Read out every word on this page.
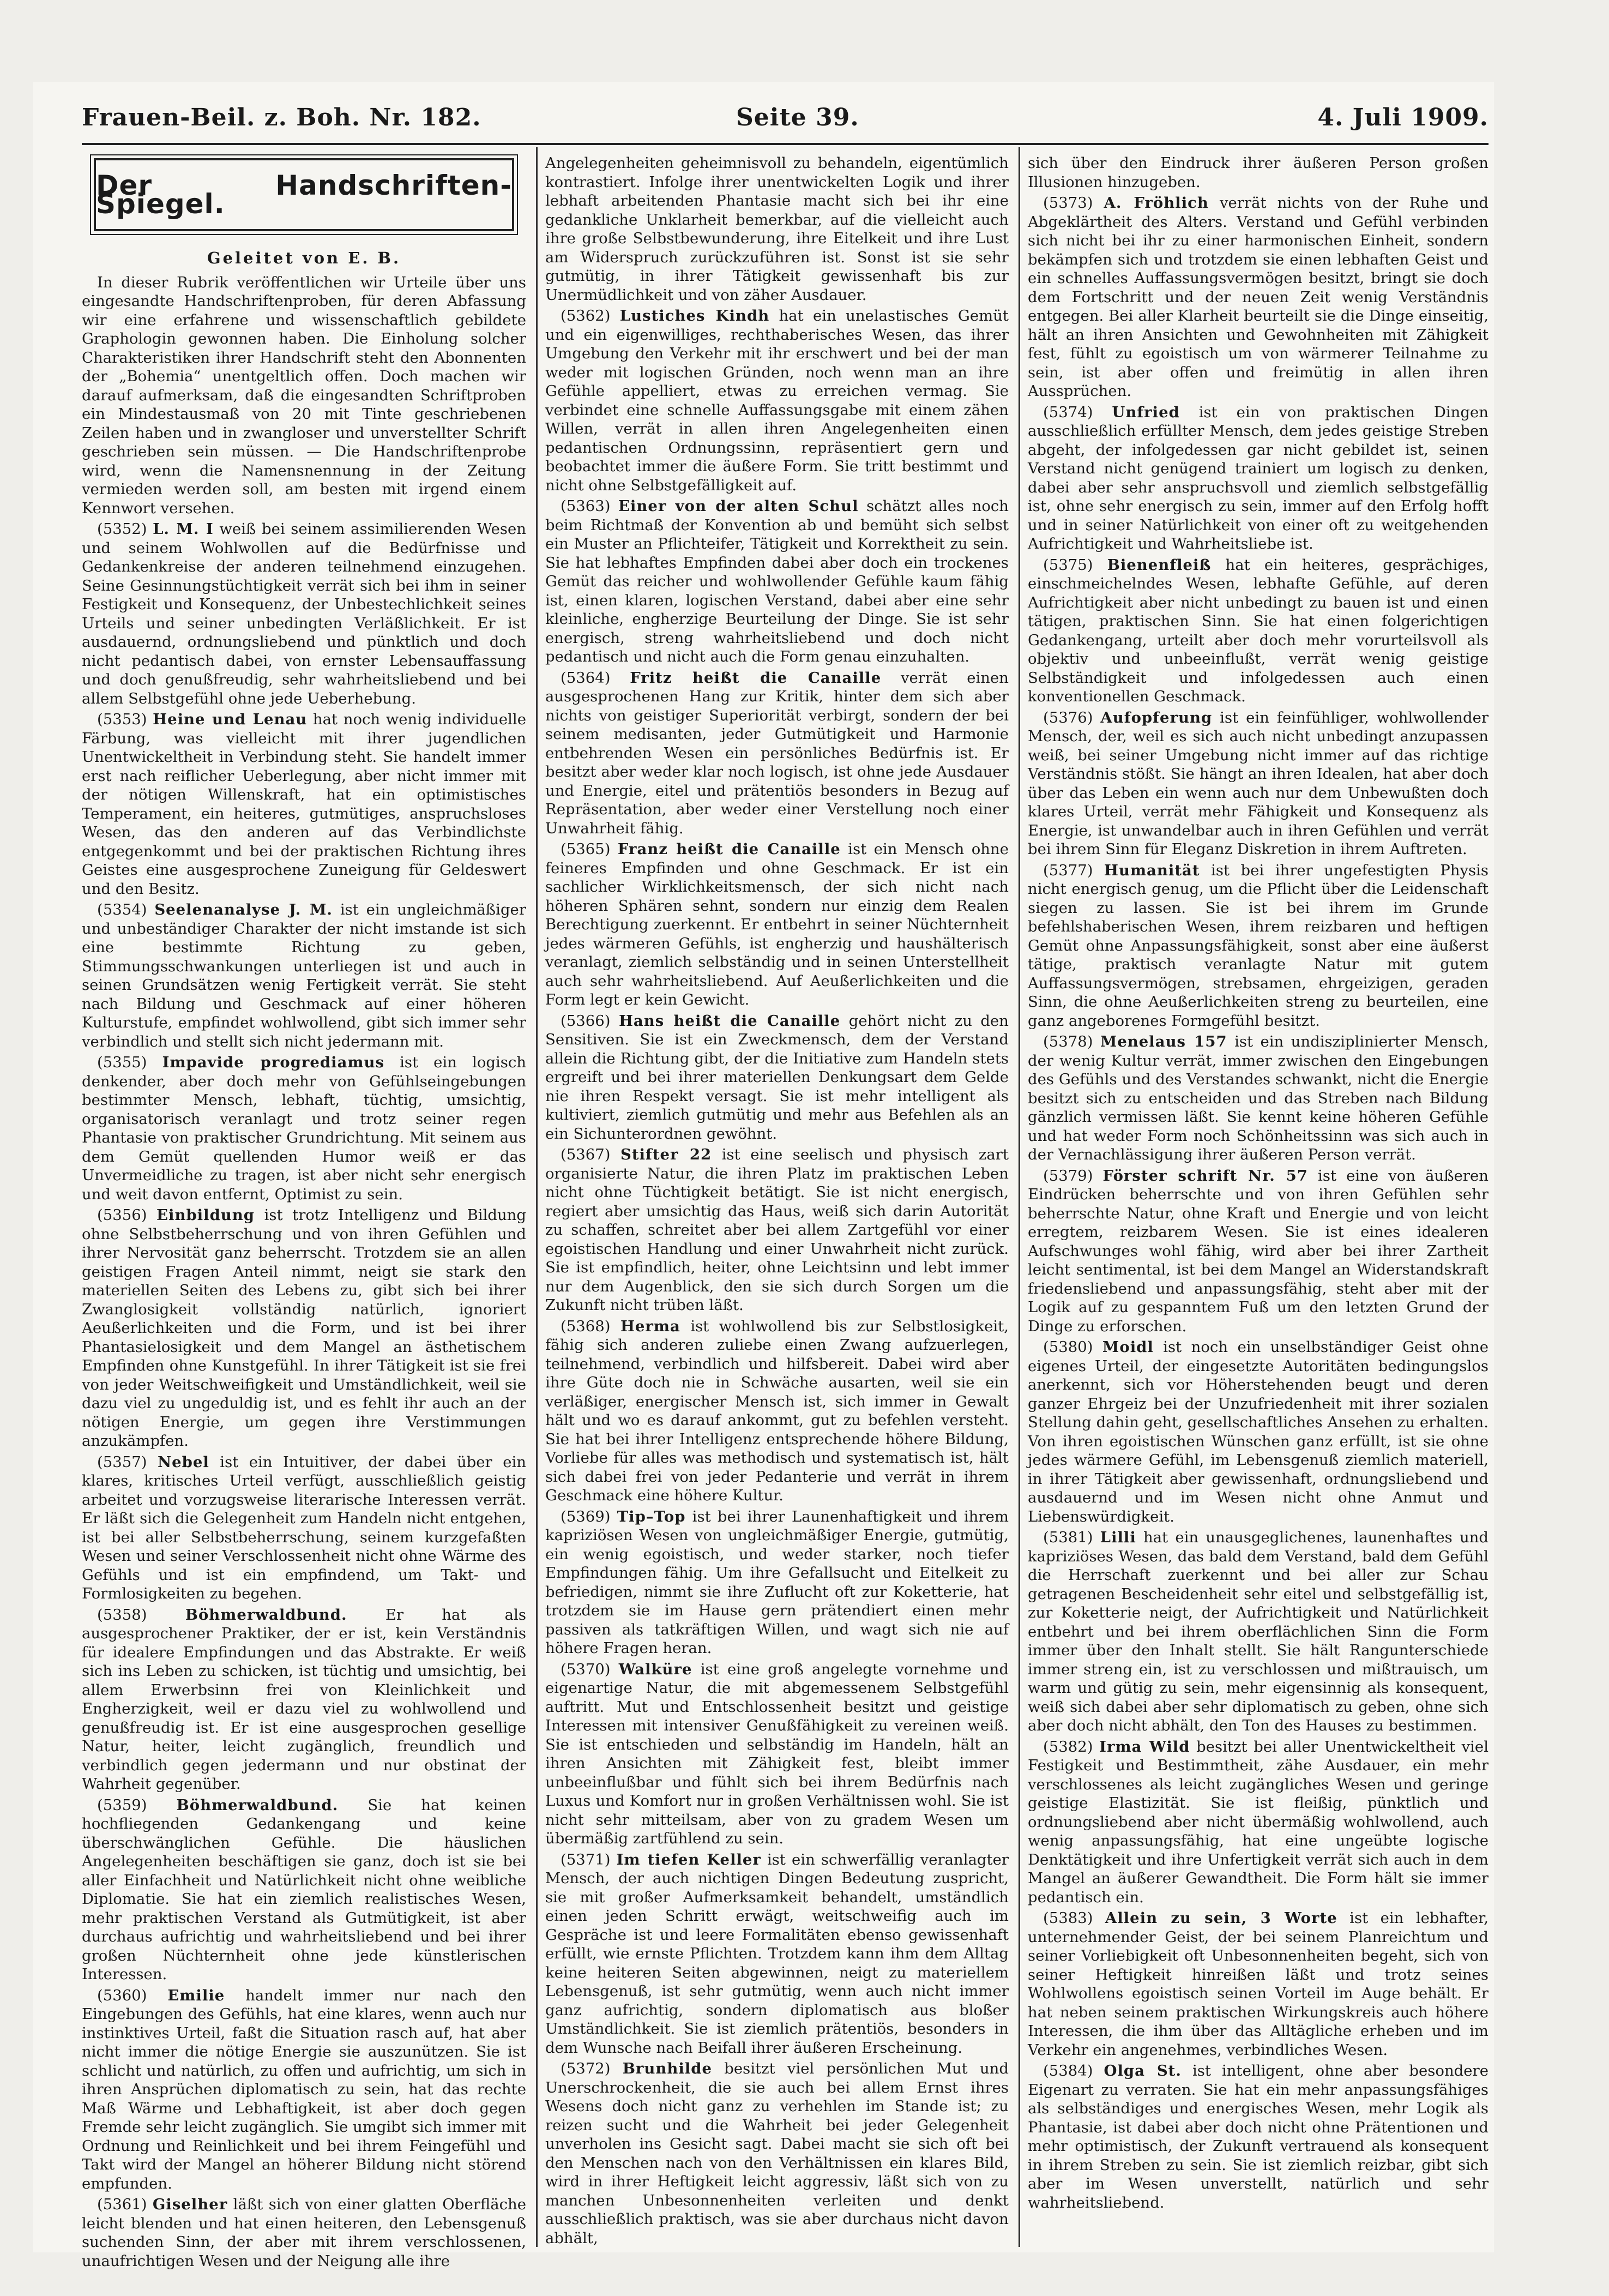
Frauen-Beil. z. Boh. Nr. 182.	Seite 39.	4. Juli 1909.
Der Handschriften-Spiegel.
Geleitet von E. B.

In dieser Rubrik veröffentlichen wir Urteile über uns eingesandte Handschriftenproben, für deren Abfassung wir eine erfahrene und wissenschaftlich gebildete Graphologin gewonnen haben. Die Einholung solcher Charakteristiken ihrer Handschrift steht den Abonnenten der „Bohemia“ unentgeltlich offen. Doch machen wir darauf aufmerksam, daß die eingesandten Schriftproben ein Mindestausmaß von 20 mit Tinte geschriebenen Zeilen haben und in zwangloser und unverstellter Schrift geschrieben sein müssen. — Die Handschriftenprobe wird, wenn die Namensnennung in der Zeitung vermieden werden soll, am besten mit irgend einem Kennwort versehen.

(5352) L. M. I weiß bei seinem assimilierenden Wesen und seinem Wohlwollen auf die Bedürfnisse und Gedankenkreise der anderen teilnehmend einzugehen. Seine Gesinnungstüchtigkeit verrät sich bei ihm in seiner Festigkeit und Konsequenz, der Unbestechlichkeit seines Urteils und seiner unbedingten Verläßlichkeit. Er ist ausdauernd, ordnungsliebend und pünktlich und doch nicht pedantisch dabei, von ernster Lebensauffassung und doch genußfreudig, sehr wahrheitsliebend und bei allem Selbstgefühl ohne jede Ueberhebung.

(5353) Heine und Lenau hat noch wenig individuelle Färbung, was vielleicht mit ihrer jugendlichen Unentwickeltheit in Verbindung steht. Sie handelt immer erst nach reiflicher Ueberlegung, aber nicht immer mit der nötigen Willenskraft, hat ein optimistisches Temperament, ein heiteres, gutmütiges, anspruchsloses Wesen, das den anderen auf das Verbindlichste entgegenkommt und bei der praktischen Richtung ihres Geistes eine ausgesprochene Zuneigung für Geldeswert und den Besitz.

(5354) Seelenanalyse J. M. ist ein ungleichmäßiger und unbeständiger Charakter der nicht imstande ist sich eine bestimmte Richtung zu geben, Stimmungsschwankungen unterliegen ist und auch in seinen Grundsätzen wenig Fertigkeit verrät. Sie steht nach Bildung und Geschmack auf einer höheren Kulturstufe, empfindet wohlwollend, gibt sich immer sehr verbindlich und stellt sich nicht jedermann mit.

(5355) Impavide progrediamus ist ein logisch denkender, aber doch mehr von Gefühlseingebungen bestimmter Mensch, lebhaft, tüchtig, umsichtig, organisatorisch veranlagt und trotz seiner regen Phantasie von praktischer Grundrichtung. Mit seinem aus dem Gemüt quellenden Humor weiß er das Unvermeidliche zu tragen, ist aber nicht sehr energisch und weit davon entfernt, Optimist zu sein.

(5356) Einbildung ist trotz Intelligenz und Bildung ohne Selbstbeherrschung und von ihren Gefühlen und ihrer Nervosität ganz beherrscht. Trotzdem sie an allen geistigen Fragen Anteil nimmt, neigt sie stark den materiellen Seiten des Lebens zu, gibt sich bei ihrer Zwanglosigkeit vollständig natürlich, ignoriert Aeußerlichkeiten und die Form, und ist bei ihrer Phantasielosigkeit und dem Mangel an ästhetischem Empfinden ohne Kunstgefühl. In ihrer Tätigkeit ist sie frei von jeder Weitschweifigkeit und Umständlichkeit, weil sie dazu viel zu ungeduldig ist, und es fehlt ihr auch an der nötigen Energie, um gegen ihre Verstimmungen anzukämpfen.

(5357) Nebel ist ein Intuitiver, der dabei über ein klares, kritisches Urteil verfügt, ausschließlich geistig arbeitet und vorzugsweise literarische Interessen verrät. Er läßt sich die Gelegenheit zum Handeln nicht entgehen, ist bei aller Selbstbeherrschung, seinem kurzgefaßten Wesen und seiner Verschlossenheit nicht ohne Wärme des Gefühls und ist ein empfindend, um Takt- und Formlosigkeiten zu begehen.

(5358)	Böhmerwaldbund.	Er hat als ausgesprochener Praktiker, der er ist, kein Verständnis für idealere Empfindungen und das Abstrakte. Er weiß sich ins Leben zu schicken, ist tüchtig und umsichtig, bei allem Erwerbsinn frei von Kleinlichkeit und Engherzigkeit, weil er dazu viel zu wohlwollend und genußfreudig ist. Er ist eine ausgesprochen gesellige Natur, heiter, leicht zugänglich, freundlich und verbindlich gegen jedermann und nur obstinat der Wahrheit gegenüber.

(5359) Böhmerwaldbund. Sie hat keinen hochfliegenden Gedankengang und keine überschwänglichen Gefühle. Die häuslichen Angelegenheiten beschäftigen sie ganz, doch ist sie bei aller Einfachheit und Natürlichkeit nicht ohne weibliche Diplomatie. Sie hat ein ziemlich realistisches Wesen, mehr praktischen Verstand als Gutmütigkeit, ist aber durchaus aufrichtig und wahrheitsliebend und bei ihrer großen Nüchternheit ohne jede künstlerischen Interessen.

(5360) Emilie handelt immer nur nach den Eingebungen des Gefühls, hat eine klares, wenn auch nur instinktives Urteil, faßt die Situation rasch auf, hat aber nicht immer die nötige Energie sie auszunützen. Sie ist schlicht und natürlich, zu offen und aufrichtig, um sich in ihren Ansprüchen diplomatisch zu sein, hat das rechte Maß Wärme und Lebhaftigkeit, ist aber doch gegen Fremde sehr leicht zugänglich. Sie umgibt sich immer mit Ordnung und Reinlichkeit und bei ihrem Feingefühl und Takt wird der Mangel an höherer Bildung nicht störend empfunden.

(5361) Giselher läßt sich von einer glatten Oberfläche leicht blenden und hat einen heiteren, den Lebensgenuß suchenden Sinn, der aber mit ihrem verschlossenen, unaufrichtigen Wesen und der Neigung alle ihre

Angelegenheiten geheimnisvoll zu behandeln, eigentümlich kontrastiert. Infolge ihrer unentwickelten Logik und ihrer lebhaft arbeitenden Phantasie macht sich bei ihr eine gedankliche Unklarheit bemerkbar, auf die vielleicht auch ihre große Selbstbewunderung, ihre Eitelkeit und ihre Lust am Widerspruch zurückzuführen ist. Sonst ist sie sehr gutmütig, in ihrer Tätigkeit gewissenhaft bis zur Unermüdlichkeit und von zäher Ausdauer.

(5362) Lustiches Kindh hat ein unelastisches Gemüt und ein eigenwilliges, rechthaberisches Wesen, das ihrer Umgebung den Verkehr mit ihr erschwert und bei der man weder mit logischen Gründen, noch wenn man an ihre Gefühle appelliert, etwas zu erreichen vermag. Sie verbindet eine schnelle Auffassungsgabe mit einem zähen Willen, verrät in allen ihren Angelegenheiten einen pedantischen Ordnungssinn, repräsentiert gern und beobachtet immer die äußere Form. Sie tritt bestimmt und nicht ohne Selbstgefälligkeit auf.

(5363) Einer von der alten Schul schätzt alles noch beim Richtmaß der Konvention ab und bemüht sich selbst ein Muster an Pflichteifer, Tätigkeit und Korrektheit zu sein. Sie hat lebhaftes Empfinden dabei aber doch ein trockenes Gemüt das reicher und wohlwollender Gefühle kaum fähig ist, einen klaren, logischen Verstand, dabei aber eine sehr kleinliche, engherzige Beurteilung der Dinge. Sie ist sehr energisch, streng wahrheitsliebend und doch nicht pedantisch und nicht auch die Form genau einzuhalten.

(5364) Fritz heißt die Canaille verrät einen ausgesprochenen Hang zur Kritik, hinter dem sich aber nichts von geistiger Superiorität verbirgt, sondern der bei seinem medisanten, jeder Gutmütigkeit und Harmonie entbehrenden Wesen ein persönliches Bedürfnis ist. Er besitzt aber weder klar noch logisch, ist ohne jede Ausdauer und Energie, eitel und prätentiös besonders in Bezug auf Repräsentation, aber weder einer Verstellung noch einer Unwahrheit fähig.

(5365) Franz heißt die Canaille ist ein Mensch ohne feineres Empfinden und ohne Geschmack. Er ist ein sachlicher Wirklichkeitsmensch, der sich nicht nach höheren Sphären sehnt, sondern nur einzig dem Realen Berechtigung zuerkennt. Er entbehrt in seiner Nüchternheit jedes wärmeren Gefühls, ist engherzig und haushälterisch veranlagt, ziemlich selbständig und in seinen Unterstellheit auch sehr wahrheitsliebend. Auf Aeußerlichkeiten und die Form legt er kein Gewicht.

(5366) Hans heißt die Canaille gehört nicht zu den Sensitiven. Sie ist ein Zweckmensch, dem der Verstand allein die Richtung gibt, der die Initiative zum Handeln stets ergreift und bei ihrer materiellen Denkungsart dem Gelde nie ihren Respekt versagt. Sie ist mehr intelligent als kultiviert, ziemlich gutmütig und mehr aus Befehlen als an ein Sichunterordnen gewöhnt.

(5367) Stifter 22 ist eine seelisch und physisch zart organisierte Natur, die ihren Platz im praktischen Leben nicht ohne Tüchtigkeit betätigt. Sie ist nicht energisch, regiert aber umsichtig das Haus, weiß sich darin Autorität zu schaffen, schreitet aber bei allem Zartgefühl vor einer egoistischen Handlung und einer Unwahrheit nicht zurück. Sie ist empfindlich, heiter, ohne Leichtsinn und lebt immer nur dem Augenblick, den sie sich durch Sorgen um die Zukunft nicht trüben läßt.

(5368) Herma ist wohlwollend bis zur Selbstlosigkeit, fähig sich anderen zuliebe einen Zwang aufzuerlegen, teilnehmend, verbindlich und hilfsbereit. Dabei wird aber ihre Güte doch nie in Schwäche ausarten, weil sie ein verläßiger, energischer Mensch ist, sich immer in Gewalt hält und wo es darauf ankommt, gut zu befehlen versteht. Sie hat bei ihrer Intelligenz entsprechende höhere Bildung, Vorliebe für alles was methodisch und systematisch ist, hält sich dabei frei von jeder Pedanterie und verrät in ihrem Geschmack eine höhere Kultur.

(5369) Tip–Top ist bei ihrer Launenhaftigkeit und ihrem kapriziösen Wesen von ungleichmäßiger Energie, gutmütig, ein wenig egoistisch, und weder starker, noch tiefer Empfindungen fähig. Um ihre Gefallsucht und Eitelkeit zu befriedigen, nimmt sie ihre Zuflucht oft zur Koketterie, hat trotzdem sie im Hause gern prätendiert einen mehr passiven als tatkräftigen Willen, und wagt sich nie auf höhere Fragen heran.

(5370) Walküre ist eine groß angelegte vornehme und eigenartige Natur, die mit abgemessenem Selbstgefühl auftritt. Mut und Entschlossenheit besitzt und geistige Interessen mit intensiver Genußfähigkeit zu vereinen weiß. Sie ist entschieden und selbständig im Handeln, hält an ihren Ansichten mit Zähigkeit fest, bleibt immer unbeeinflußbar und fühlt sich bei ihrem Bedürfnis nach Luxus und Komfort nur in großen Verhältnissen wohl. Sie ist nicht sehr mitteilsam, aber von zu gradem Wesen um übermäßig zartfühlend zu sein.

(5371) Im tiefen Keller ist ein schwerfällig veranlagter Mensch, der auch nichtigen Dingen Bedeutung zuspricht, sie mit großer Aufmerksamkeit behandelt, umständlich einen jeden Schritt erwägt, weitschweifig auch im Gespräche ist und leere Formalitäten ebenso gewissenhaft erfüllt, wie ernste Pflichten. Trotzdem kann ihm dem Alltag keine heiteren Seiten abgewinnen, neigt zu materiellem Lebensgenuß, ist sehr gutmütig, wenn auch nicht immer ganz aufrichtig, sondern diplomatisch aus bloßer Umständlichkeit. Sie ist ziemlich prätentiös, besonders in dem Wunsche nach Beifall ihrer äußeren Erscheinung.

(5372) Brunhilde besitzt viel persönlichen Mut und Unerschrockenheit, die sie auch bei allem Ernst ihres Wesens doch nicht ganz zu verhehlen im Stande ist; zu reizen sucht und die Wahrheit bei jeder Gelegenheit unverholen ins Gesicht sagt. Dabei macht sie sich oft bei den Menschen nach von den Verhältnissen ein klares Bild, wird in ihrer Heftigkeit leicht aggressiv, läßt sich von zu manchen Unbesonnenheiten verleiten und denkt ausschließlich praktisch, was sie aber durchaus nicht davon abhält,

sich über den Eindruck ihrer äußeren Person großen Illusionen hinzugeben.

(5373) A. Fröhlich verrät nichts von der Ruhe und Abgeklärtheit des Alters. Verstand und Gefühl verbinden sich nicht bei ihr zu einer harmonischen Einheit, sondern bekämpfen sich und trotzdem sie einen lebhaften Geist und ein schnelles Auffassungsvermögen besitzt, bringt sie doch dem Fortschritt und der neuen Zeit wenig Verständnis entgegen. Bei aller Klarheit beurteilt sie die Dinge einseitig, hält an ihren Ansichten und Gewohnheiten mit Zähigkeit fest, fühlt zu egoistisch um von wärmerer Teilnahme zu sein, ist aber offen und freimütig in allen ihren Aussprüchen.

(5374) Unfried ist ein von praktischen Dingen ausschließlich erfüllter Mensch, dem jedes geistige Streben abgeht, der infolgedessen gar nicht gebildet ist, seinen Verstand nicht genügend trainiert um logisch zu denken, dabei aber sehr anspruchsvoll und ziemlich selbstgefällig ist, ohne sehr energisch zu sein, immer auf den Erfolg hofft und in seiner Natürlichkeit von einer oft zu weitgehenden Aufrichtigkeit und Wahrheitsliebe ist.

(5375) Bienenfleiß hat ein heiteres, gesprächiges, einschmeichelndes Wesen, lebhafte Gefühle, auf deren Aufrichtigkeit aber nicht unbedingt zu bauen ist und einen tätigen, praktischen Sinn. Sie hat einen folgerichtigen Gedankengang, urteilt aber doch mehr vorurteilsvoll als objektiv und unbeeinflußt, verrät wenig geistige Selbständigkeit und infolgedessen auch einen konventionellen Geschmack.

(5376) Aufopferung ist ein feinfühliger, wohlwollender Mensch, der, weil es sich auch nicht unbedingt anzupassen weiß, bei seiner Umgebung nicht immer auf das richtige Verständnis stößt. Sie hängt an ihren Idealen, hat aber doch über das Leben ein wenn auch nur dem Unbewußten doch klares Urteil, verrät mehr Fähigkeit und Konsequenz als Energie, ist unwandelbar auch in ihren Gefühlen und verrät bei ihrem Sinn für Eleganz Diskretion in ihrem Auftreten.

(5377) Humanität ist bei ihrer ungefestigten Physis nicht energisch genug, um die Pflicht über die Leidenschaft siegen zu lassen. Sie ist bei ihrem im Grunde befehlshaberischen Wesen, ihrem reizbaren und heftigen Gemüt ohne Anpassungsfähigkeit, sonst aber eine äußerst tätige, praktisch veranlagte Natur mit gutem Auffassungsvermögen, strebsamen, ehrgeizigen, geraden Sinn, die ohne Aeußerlichkeiten streng zu beurteilen, eine ganz angeborenes Formgefühl besitzt.

(5378) Menelaus 157 ist ein undisziplinierter Mensch, der wenig Kultur verrät, immer zwischen den Eingebungen des Gefühls und des Verstandes schwankt, nicht die Energie besitzt sich zu entscheiden und das Streben nach Bildung gänzlich vermissen läßt. Sie kennt keine höheren Gefühle und hat weder Form noch Schönheitssinn was sich auch in der Vernachlässigung ihrer äußeren Person verrät.

(5379) Förster schrift Nr. 57 ist eine von äußeren Eindrücken beherrschte und von ihren Gefühlen sehr beherrschte Natur, ohne Kraft und Energie und von leicht erregtem, reizbarem Wesen. Sie ist eines idealeren Aufschwunges wohl fähig, wird aber bei ihrer Zartheit leicht sentimental, ist bei dem Mangel an Widerstandskraft friedensliebend und anpassungsfähig, steht aber mit der Logik auf zu gespanntem Fuß um den letzten Grund der Dinge zu erforschen.

(5380) Moidl ist noch ein unselbständiger Geist ohne eigenes Urteil, der eingesetzte Autoritäten bedingungslos anerkennt, sich vor Höherstehenden beugt und deren ganzer Ehrgeiz bei der Unzufriedenheit mit ihrer sozialen Stellung dahin geht, gesellschaftliches Ansehen zu erhalten. Von ihren egoistischen Wünschen ganz erfüllt, ist sie ohne jedes wärmere Gefühl, im Lebensgenuß ziemlich materiell, in ihrer Tätigkeit aber gewissenhaft, ordnungsliebend und ausdauernd und im Wesen nicht ohne Anmut und Liebenswürdigkeit.

(5381) Lilli hat ein unausgeglichenes, launenhaftes und kapriziöses Wesen, das bald dem Verstand, bald dem Gefühl die Herrschaft zuerkennt und bei aller zur Schau getragenen Bescheidenheit sehr eitel und selbstgefällig ist, zur Koketterie neigt, der Aufrichtigkeit und Natürlichkeit entbehrt und bei ihrem oberflächlichen Sinn die Form immer über den Inhalt stellt. Sie hält Rangunterschiede immer streng ein, ist zu verschlossen und mißtrauisch, um warm und gütig zu sein, mehr eigensinnig als konsequent, weiß sich dabei aber sehr diplomatisch zu geben, ohne sich aber doch nicht abhält, den Ton des Hauses zu bestimmen.

(5382) Irma Wild besitzt bei aller Unentwickeltheit viel Festigkeit und Bestimmtheit, zähe Ausdauer, ein mehr verschlossenes als leicht zugängliches Wesen und geringe geistige Elastizität. Sie ist fleißig, pünktlich und ordnungsliebend aber nicht übermäßig wohlwollend, auch wenig anpassungsfähig, hat eine ungeübte logische Denktätigkeit und ihre Unfertigkeit verrät sich auch in dem Mangel an äußerer Gewandtheit. Die Form hält sie immer pedantisch ein.

(5383) Allein zu sein, 3 Worte ist ein lebhafter, unternehmender Geist, der bei seinem Planreichtum und seiner Vorliebigkeit oft Unbesonnenheiten begeht, sich von seiner Heftigkeit hinreißen läßt und trotz seines Wohlwollens egoistisch seinen Vorteil im Auge behält. Er hat neben seinem praktischen Wirkungskreis auch höhere Interessen, die ihm über das Alltägliche erheben und im Verkehr ein angenehmes, verbindliches Wesen.

(5384) Olga St. ist intelligent, ohne aber besondere Eigenart zu verraten. Sie hat ein mehr anpassungsfähiges als selbständiges und energisches Wesen, mehr Logik als Phantasie, ist dabei aber doch nicht ohne Prätentionen und mehr optimistisch, der Zukunft vertrauend als konsequent in ihrem Streben zu sein. Sie ist ziemlich reizbar, gibt sich aber im Wesen unverstellt, natürlich und sehr wahrheitsliebend.
